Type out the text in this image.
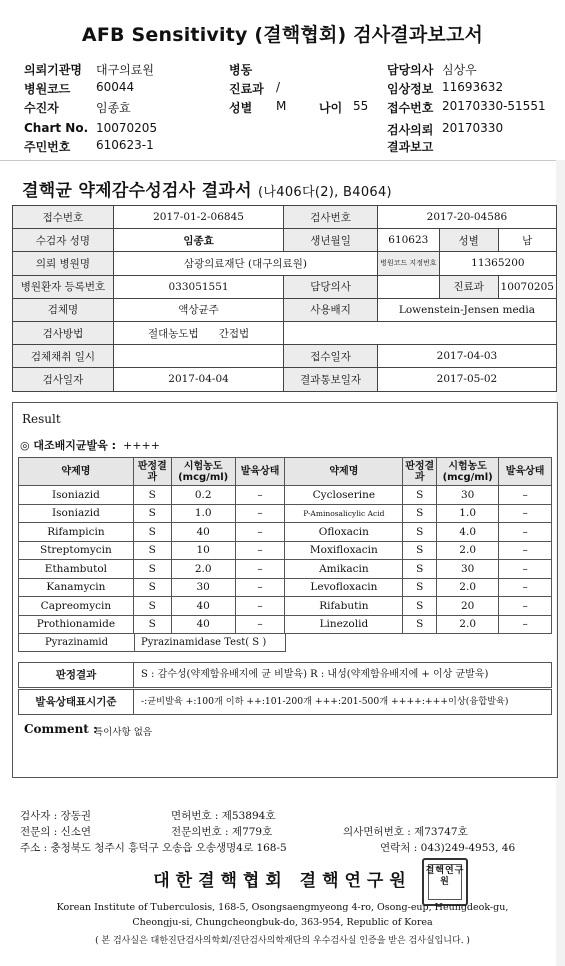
AFB Sensitivity (결핵협회) 검사결과보고서
의뢰기관명 대구의료원	병동	담당의사 심상우
병원코드 60044	진료과 /	임상정보 11693632
수진자	임종효	성별 M	나이 55 접수번호 20170330-51551
Chart No. 10070205	검사의뢰 20170330
주민번호 610623-1	결과보고
결핵균 약제감수성검사 결과서 (나406다(2), B4064)
접수번호	2017-01-2-06845	검사번호	2017-20-04586		
수검자 성명	임종효	생년월일	610623	성별	남
의뢰 병원명	삼광의료재단 (대구의료원)		병원코드 지정번호	11365200	
병원환자 등록번호	033051551	담당의사		진료과	10070205
검체명	액상균주	사용배지	Lowenstein-Jensen media		
검사방법	절대농도법 간접법				
검체채취 일시		접수일자	2017-04-03		
검사일자	2017-04-04	결과통보일자	2017-05-02		
Result
◎ 대조배지균발육 : ++++
약제명	판정결과	시험농도(mcg/ml)	발육상태	약제명	판정결과	시험농도(mcg/ml)	발육상태
Isoniazid	S	0.2	–	Cycloserine	S	30	–
Isoniazid	S	1.0	–	P-Aminosalicylic Acid	S	1.0	–
Rifampicin	S	40	–	Ofloxacin	S	4.0	–
Streptomycin	S	10	–	Moxifloxacin	S	2.0	–
Ethambutol	S	2.0	–	Amikacin	S	30	–
Kanamycin	S	30	–	Levofloxacin	S	2.0	–
Capreomycin	S	40	–	Rifabutin	S	20	–
Prothionamide	S	40	–	Linezolid	S	2.0	–
Pyrazinamid	Pyrazinamidase Test( S )
판정결과	S : 감수성(약제함유배지에 균 비발육) R : 내성(약제함유배지에 + 이상 균발육)
발육상태표시기준	-:균비발육 +:100개 이하 ++:101-200개 +++:201-500개 ++++:+++이상(융합발육)
Comment :
특이사항 없음
검사자 : 장동권	면허번호 : 제53894호
전문의 : 신소연	전문의번호 : 제779호	의사면허번호 : 제73747호
주소 : 충청북도 청주시 흥덕구 오송읍 오송생명4로 168-5	연락처 : 043)249-4953, 46
대한결핵협회 결핵연구원	결핵연구원
Korean Institute of Tuberculosis, 168-5, Osongsaengmyeong 4-ro, Osong-eup, Heungdeok-gu,
Cheongju-si, Chungcheongbuk-do, 363-954, Republic of Korea
( 본 검사실은 대한진단검사의학회/진단검사의학재단의 우수검사실 인증을 받은 검사실입니다. )
